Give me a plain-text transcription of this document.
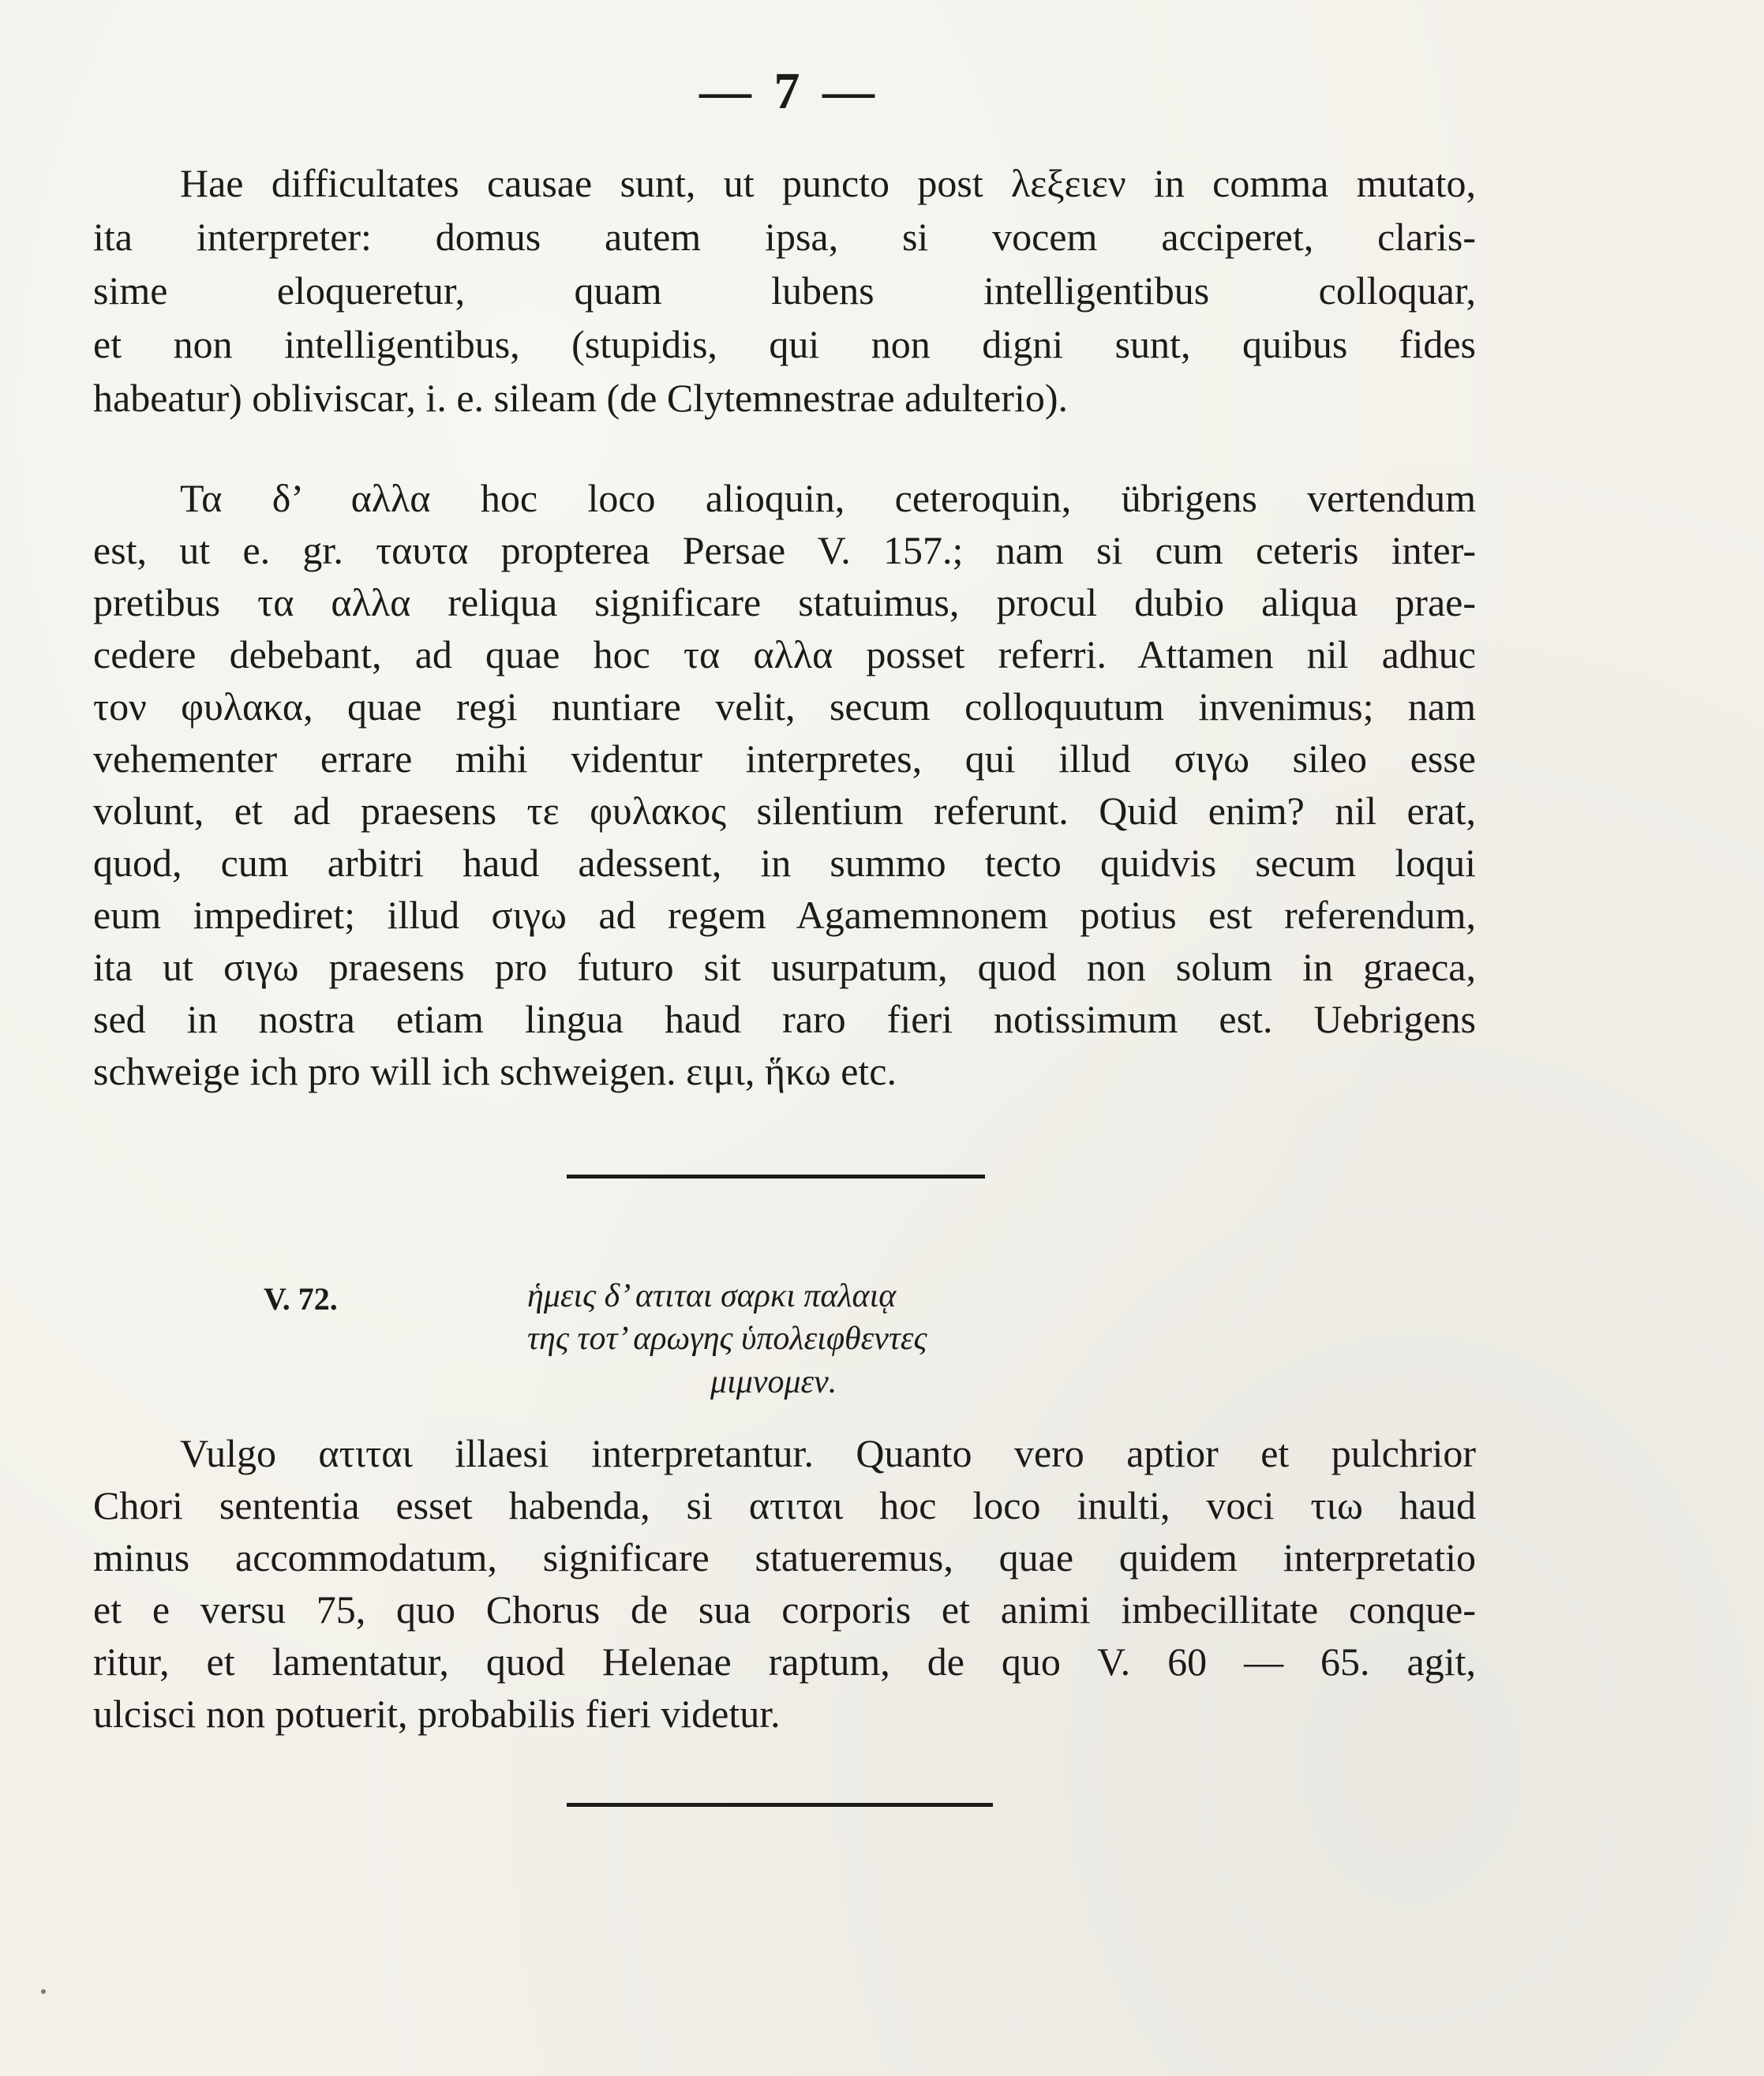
— 7 —
Hae difficultates causae sunt, ut puncto post λεξειεν in comma mutato,
ita interpreter: domus autem ipsa, si vocem acciperet, claris-
sime eloqueretur, quam lubens intelligentibus colloquar,
et non intelligentibus, (stupidis, qui non digni sunt, quibus fides
habeatur) obliviscar, i. e. sileam (de Clytemnestrae adulterio).
Τα δ’ αλλα hoc loco alioquin, ceteroquin, übrigens vertendum
est, ut e. gr. ταυτα propterea Persae V. 157.; nam si cum ceteris inter-
pretibus τα αλλα reliqua significare statuimus, procul dubio aliqua prae-
cedere debebant, ad quae hoc τα αλλα posset referri. Attamen nil adhuc
τον φυλακα, quae regi nuntiare velit, secum colloquutum invenimus; nam
vehementer errare mihi videntur interpretes, qui illud σιγω sileo esse
volunt, et ad praesens τε φυλακος silentium referunt. Quid enim? nil erat,
quod, cum arbitri haud adessent, in summo tecto quidvis secum loqui
eum impediret; illud σιγω ad regem Agamemnonem potius est referendum,
ita ut σιγω praesens pro futuro sit usurpatum, quod non solum in graeca,
sed in nostra etiam lingua haud raro fieri notissimum est. Uebrigens
schweige ich pro will ich schweigen. ειμι, ἥκω etc.
V. 72.	ἡμεις δ’ ατιται σαρκι παλαιᾳ
της τοτ’ αρωγης ὑπολειφθεντες
μιμνομεν.
Vulgo ατιται illaesi interpretantur. Quanto vero aptior et pulchrior
Chori sententia esset habenda, si ατιται hoc loco inulti, voci τιω haud
minus accommodatum, significare statueremus, quae quidem interpretatio
et e versu 75, quo Chorus de sua corporis et animi imbecillitate conque-
ritur, et lamentatur, quod Helenae raptum, de quo V. 60 — 65. agit,
ulcisci non potuerit, probabilis fieri videtur.
